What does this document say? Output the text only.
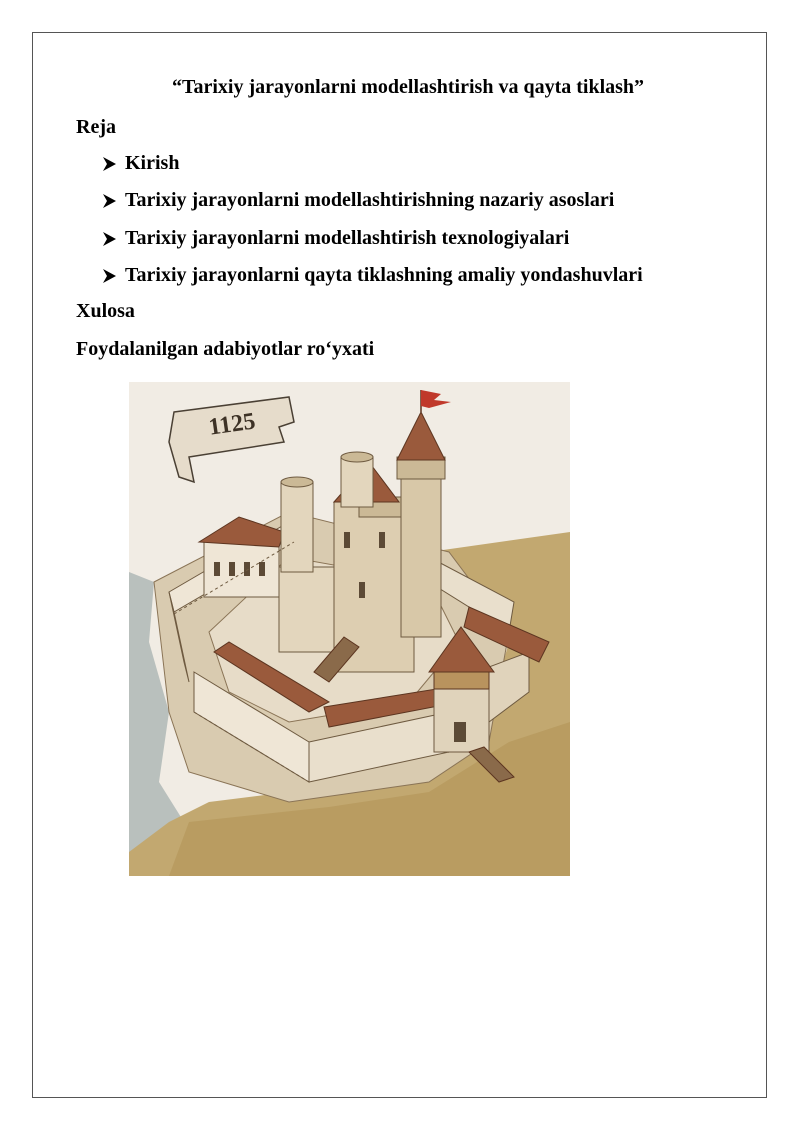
“Tarixiy jarayonlarni modellashtirish va qayta tiklash”
Reja
Kirish
Tarixiy jarayonlarni modellashtirishning nazariy asoslari
Tarixiy jarayonlarni modellashtirish texnologiyalari
Tarixiy jarayonlarni qayta tiklashning amaliy yondashuvlari
Xulosa
Foydalanilgan adabiyotlar ro‘yxati
1125
